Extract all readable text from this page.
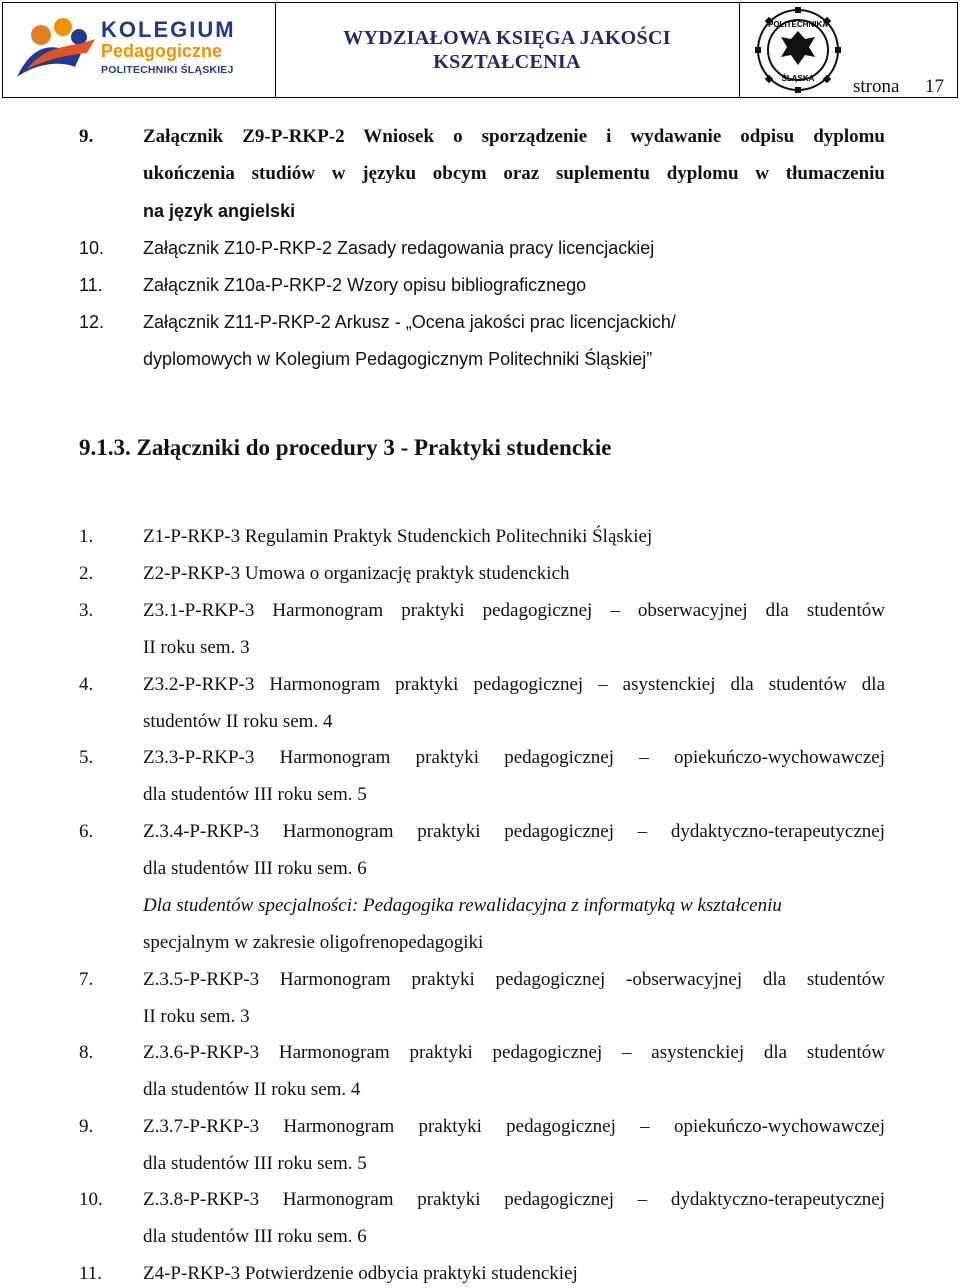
KOLEGIUM
Pedagogiczne
POLITECHNIKI ŚLĄSKIEJ
WYDZIAŁOWA KSIĘGA JAKOŚCI
KSZTAŁCENIA
POLITECHNIKA
ŚLĄSKA strona 17
9.	Załącznik Z9-P-RKP-2 Wniosek o sporządzenie i wydawanie odpisu dyplomu
ukończenia studiów w języku obcym oraz suplementu dyplomu w tłumaczeniu
na język angielski
10. Załącznik Z10-P-RKP-2 Zasady redagowania pracy licencjackiej
11. Załącznik Z10a-P-RKP-2 Wzory opisu bibliograficznego
12. Załącznik Z11-P-RKP-2 Arkusz - „Ocena jakości prac licencjackich/
dyplomowych w Kolegium Pedagogicznym Politechniki Śląskiej”
9.1.3. Załączniki do procedury 3 - Praktyki studenckie
1.	Z1-P-RKP-3 Regulamin Praktyk Studenckich Politechniki Śląskiej
2.	Z2-P-RKP-3 Umowa o organizację praktyk studenckich
3.	Z3.1-P-RKP-3 Harmonogram praktyki pedagogicznej – obserwacyjnej dla studentów
II roku sem. 3
4.	Z3.2-P-RKP-3 Harmonogram praktyki pedagogicznej – asystenckiej dla studentów dla
studentów II roku sem. 4
5.	Z3.3-P-RKP-3 Harmonogram praktyki pedagogicznej – opiekuńczo-wychowawczej
dla studentów III roku sem. 5
6.	Z.3.4-P-RKP-3 Harmonogram praktyki pedagogicznej – dydaktyczno-terapeutycznej
dla studentów III roku sem. 6
Dla studentów specjalności: Pedagogika rewalidacyjna z informatyką w kształceniu
specjalnym w zakresie oligofrenopedagogiki
7.	Z.3.5-P-RKP-3 Harmonogram praktyki pedagogicznej -obserwacyjnej dla studentów
II roku sem. 3
8.	Z.3.6-P-RKP-3 Harmonogram praktyki pedagogicznej – asystenckiej dla studentów
dla studentów II roku sem. 4
9.	Z.3.7-P-RKP-3 Harmonogram praktyki pedagogicznej – opiekuńczo-wychowawczej
dla studentów III roku sem. 5
10. Z.3.8-P-RKP-3 Harmonogram praktyki pedagogicznej – dydaktyczno-terapeutycznej
dla studentów III roku sem. 6
11. Z4-P-RKP-3 Potwierdzenie odbycia praktyki studenckiej
